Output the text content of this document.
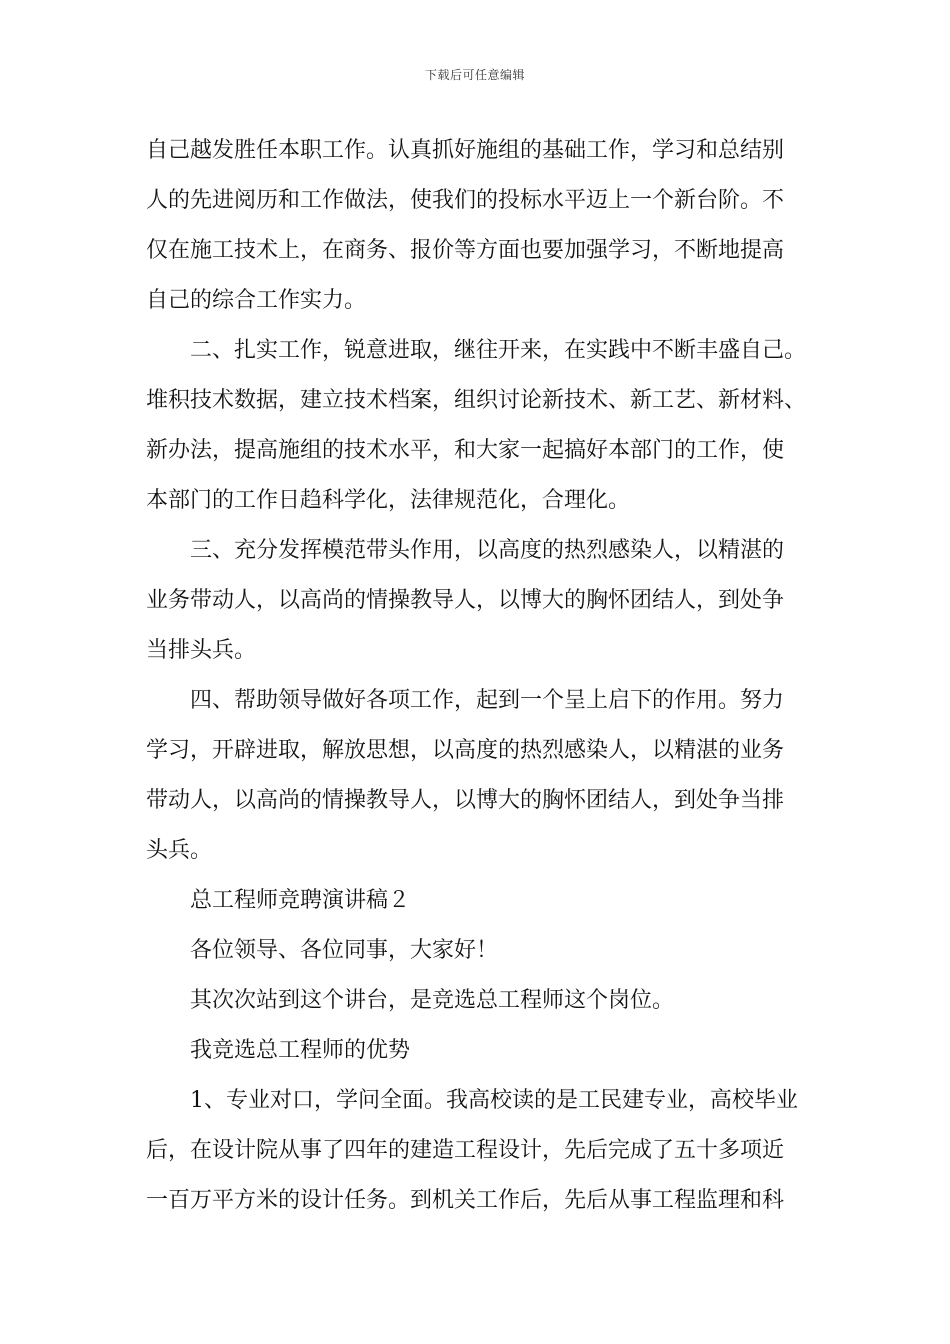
下载后可任意编辑
自己越发胜任本职工作。认真抓好施组的基础工作，学习和总结别
人的先进阅历和工作做法，使我们的投标水平迈上一个新台阶。不
仅在施工技术上，在商务、报价等方面也要加强学习，不断地提高
自己的综合工作实力。
二、扎实工作，锐意进取，继往开来，在实践中不断丰盛自己。
堆积技术数据，建立技术档案，组织讨论新技术、新工艺、新材料、
新办法，提高施组的技术水平，和大家一起搞好本部门的工作，使
本部门的工作日趋科学化，法律规范化，合理化。
三、充分发挥模范带头作用，以高度的热烈感染人，以精湛的
业务带动人，以高尚的情操教导人，以博大的胸怀团结人，到处争
当排头兵。
四、帮助领导做好各项工作，起到一个呈上启下的作用。努力
学习，开辟进取，解放思想，以高度的热烈感染人，以精湛的业务
带动人，以高尚的情操教导人，以博大的胸怀团结人，到处争当排
头兵。
总工程师竞聘演讲稿２
各位领导、各位同事，大家好！
其次次站到这个讲台，是竞选总工程师这个岗位。
我竞选总工程师的优势
1、专业对口，学问全面。我高校读的是工民建专业，高校毕业
后，在设计院从事了四年的建造工程设计，先后完成了五十多项近
一百万平方米的设计任务。到机关工作后，先后从事工程监理和科
